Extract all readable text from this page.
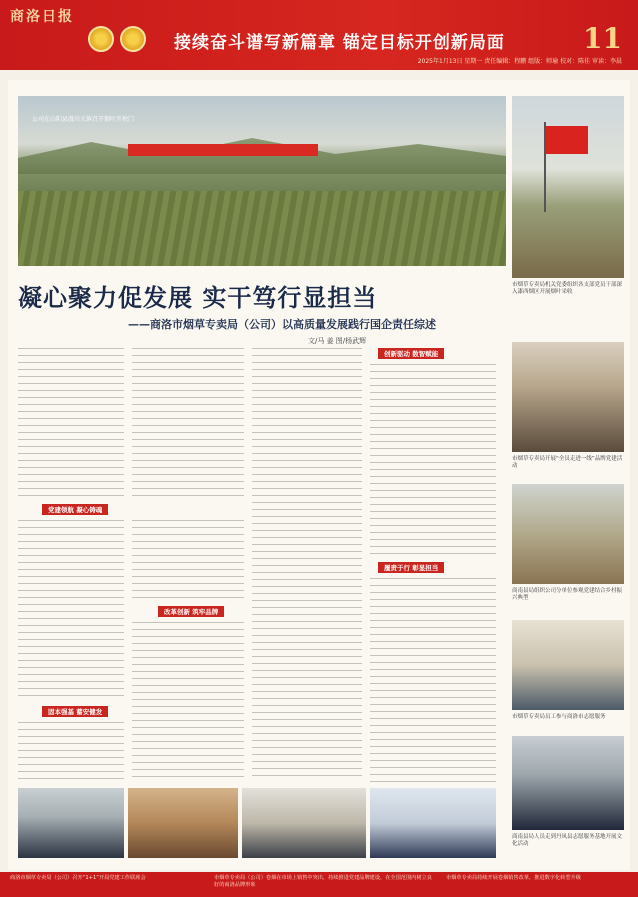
商洛日报
接续奋斗谱写新篇章 锚定目标开创新局面	11
2025年1月13日 星期一 责任编辑：程鹏 组版：师瑜 校对：陈佳 审读：李晨
公司在山阳县漫川关镇召开烟叶开秧门
市烟草专卖局机关党委组织各支部党员干部深入漆西烟区开展烟叶采收
凝心聚力促发展 实干笃行显担当
——商洛市烟草专卖局（公司）以高质量发展践行国企责任综述
文/马 姜 图/杨武辉
党建领航 凝心铸魂
固本强基 蓄安健发
改革创新 筑牢品牌
创新驱动 数智赋能
履责于行 彰显担当
市烟草专卖局开展“全员走进一线”品牌党建活动
商南县局组织公司分单位参观党建结合乡村振兴典型
市烟草专卖局员工参与商洛市志愿服务
商南县局人员走到丹凤县志愿服务基地开展文化活动
商洛市烟草专卖局（公司）召开“1+1”开局党建工作联席会	市烟草专卖局（公司）卷烟在市场上销售中突出，持续推进党建品牌建设，在全国范围内树立良好的商洛品牌形象
市烟草专卖局持续开展卷烟销售改革，推进数字化转型升级
